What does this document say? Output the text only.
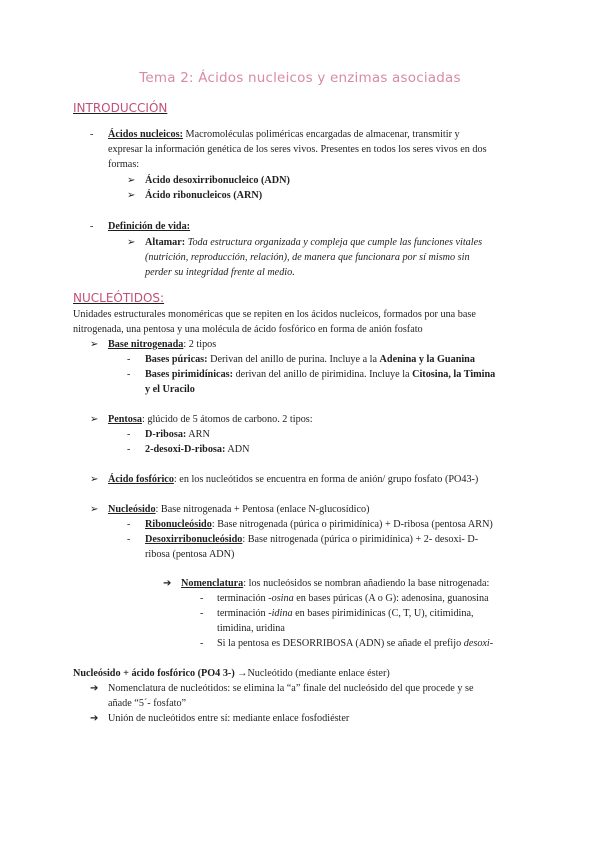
Tema 2: Ácidos nucleicos y enzimas asociadas
INTRODUCCIÓN
- Ácidos nucleicos: Macromoléculas poliméricas encargadas de almacenar, transmitir y
expresar la información genética de los seres vivos. Presentes en todos los seres vivos en dos
formas:
➢ Ácido desoxirribonucleico (ADN)
➢ Ácido ribonucleicos (ARN)
- Definición de vida:
➢ Altamar: Toda estructura organizada y compleja que cumple las funciones vitales
(nutrición, reproducción, relación), de manera que funcionara por sí mismo sin
perder su integridad frente al medio.
NUCLEÓTIDOS:
Unidades estructurales monoméricas que se repiten en los ácidos nucleicos, formados por una base
nitrogenada, una pentosa y una molécula de ácido fosfórico en forma de anión fosfato
➢ Base nitrogenada: 2 tipos
- Bases púricas: Derivan del anillo de purina. Incluye a la Adenina y la Guanina
- Bases pirimidínicas: derivan del anillo de pirimidina. Incluye la Citosina, la Timina
y el Uracilo
➢ Pentosa: glúcido de 5 átomos de carbono. 2 tipos:
- D-ribosa: ARN
- 2-desoxi-D-ribosa: ADN
➢ Ácido fosfórico: en los nucleótidos se encuentra en forma de anión/ grupo fosfato (PO43-)
➢ Nucleósido: Base nitrogenada + Pentosa (enlace N-glucosídico)
- Ribonucleósido: Base nitrogenada (púrica o pirimidínica) + D-ribosa (pentosa ARN)
- Desoxirribonucleósido: Base nitrogenada (púrica o pirimidínica) + 2- desoxi- D-
ribosa (pentosa ADN)
➔ Nomenclatura: los nucleósidos se nombran añadiendo la base nitrogenada:
- terminación -osina en bases púricas (A o G): adenosina, guanosina
- terminación -idina en bases pirimidínicas (C, T, U), citimidina,
timidina, uridina
- Si la pentosa es DESORRIBOSA (ADN) se añade el prefijo desoxi-
Nucleósido + ácido fosfórico (PO4 3-) →Nucleótido (mediante enlace éster)
➔ Nomenclatura de nucleótidos: se elimina la “a” finale del nucleósido del que procede y se
añade “5´- fosfato”
➔ Unión de nucleótidos entre sí: mediante enlace fosfodiéster
